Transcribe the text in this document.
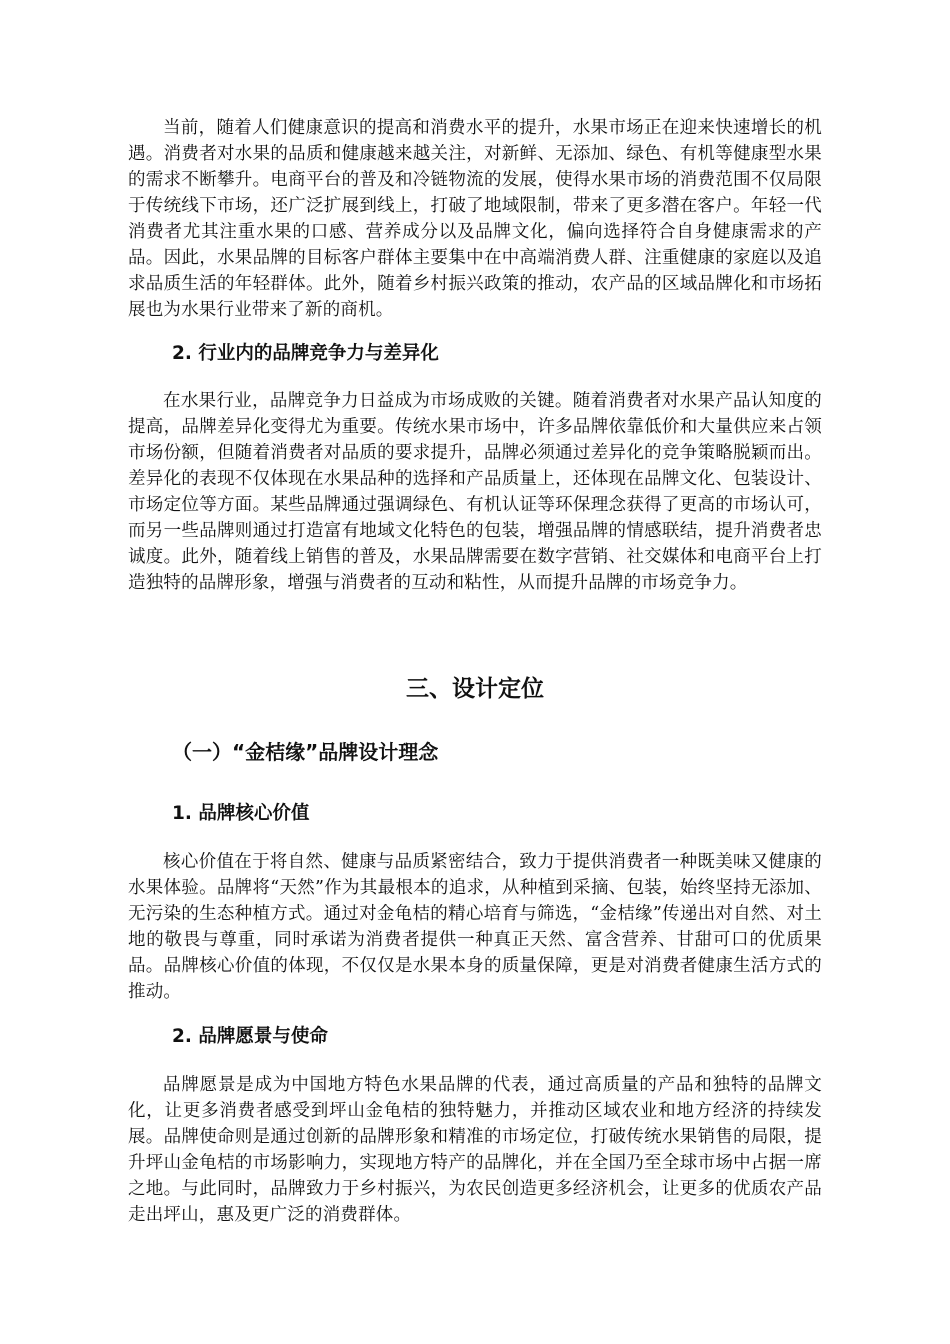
当前，随着人们健康意识的提高和消费水平的提升，水果市场正在迎来快速增长的机遇。消费者对水果的品质和健康越来越关注，对新鲜、无添加、绿色、有机等健康型水果的需求不断攀升。电商平台的普及和冷链物流的发展，使得水果市场的消费范围不仅局限于传统线下市场，还广泛扩展到线上，打破了地域限制，带来了更多潜在客户。年轻一代消费者尤其注重水果的口感、营养成分以及品牌文化，偏向选择符合自身健康需求的产品。因此，水果品牌的目标客户群体主要集中在中高端消费人群、注重健康的家庭以及追求品质生活的年轻群体。此外，随着乡村振兴政策的推动，农产品的区域品牌化和市场拓展也为水果行业带来了新的商机。

2. 行业内的品牌竞争力与差异化

在水果行业，品牌竞争力日益成为市场成败的关键。随着消费者对水果产品认知度的提高，品牌差异化变得尤为重要。传统水果市场中，许多品牌依靠低价和大量供应来占领市场份额，但随着消费者对品质的要求提升，品牌必须通过差异化的竞争策略脱颖而出。差异化的表现不仅体现在水果品种的选择和产品质量上，还体现在品牌文化、包装设计、市场定位等方面。某些品牌通过强调绿色、有机认证等环保理念获得了更高的市场认可，而另一些品牌则通过打造富有地域文化特色的包装，增强品牌的情感联结，提升消费者忠诚度。此外，随着线上销售的普及，水果品牌需要在数字营销、社交媒体和电商平台上打造独特的品牌形象，增强与消费者的互动和粘性，从而提升品牌的市场竞争力。

三、设计定位
（一）“金桔缘”品牌设计理念
1. 品牌核心价值

核心价值在于将自然、健康与品质紧密结合，致力于提供消费者一种既美味又健康的水果体验。品牌将“天然”作为其最根本的追求，从种植到采摘、包装，始终坚持无添加、无污染的生态种植方式。通过对金龟桔的精心培育与筛选，“金桔缘”传递出对自然、对土地的敬畏与尊重，同时承诺为消费者提供一种真正天然、富含营养、甘甜可口的优质果品。品牌核心价值的体现，不仅仅是水果本身的质量保障，更是对消费者健康生活方式的推动。

2. 品牌愿景与使命

品牌愿景是成为中国地方特色水果品牌的代表，通过高质量的产品和独特的品牌文化，让更多消费者感受到坪山金龟桔的独特魅力，并推动区域农业和地方经济的持续发展。品牌使命则是通过创新的品牌形象和精准的市场定位，打破传统水果销售的局限，提升坪山金龟桔的市场影响力，实现地方特产的品牌化，并在全国乃至全球市场中占据一席之地。与此同时，品牌致力于乡村振兴，为农民创造更多经济机会，让更多的优质农产品走出坪山，惠及更广泛的消费群体。
